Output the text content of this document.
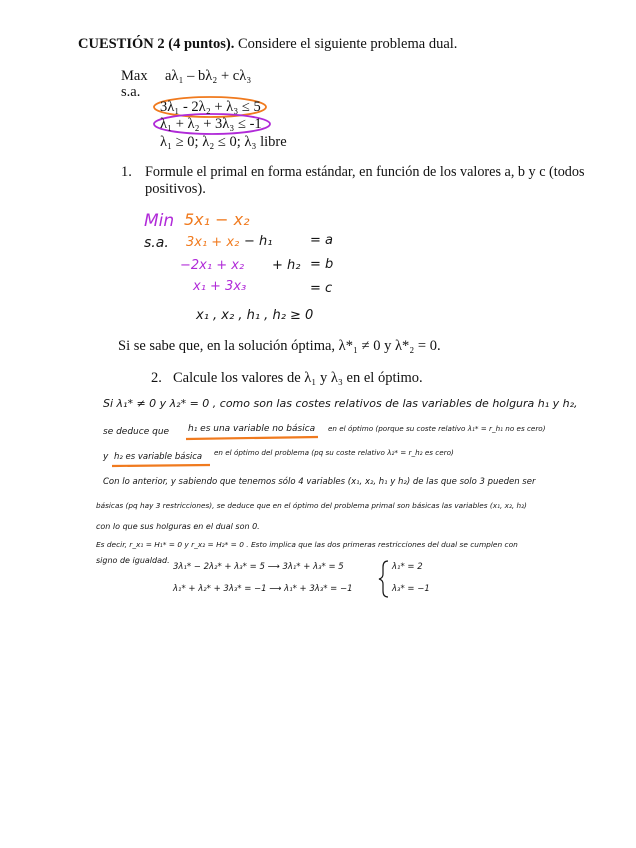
CUESTIÓN 2 (4 puntos). Considere el siguiente problema dual.
Max aλ₁ – bλ₂ + cλ₃
s.a.
3λ₁ - 2λ₂ + λ₃ ≤ 5
λ₁ + λ₂ + 3λ₃ ≤ -1
λ₁ ≥ 0; λ₂ ≤ 0; λ₃ libre
1. Formule el primal en forma estándar, en función de los valores a, b y c (todos
positivos).
Min 5x₁ − x₂
s.a. 3x₁ + x₂ − h₁	= a
−2x₁ + x₂ + h₂ = b
x₁ + 3x₃	= c
x₁ , x₂ , h₁ , h₂ ≥ 0
Si se sabe que, en la solución óptima, λ*₁ ≠ 0 y λ*₂ = 0.
2. Calcule los valores de λ₁ y λ₃ en el óptimo.
Si λ₁* ≠ 0 y λ₂* = 0 , como son las costes relativos de las variables de holgura h₁ y h₂,
se deduce que h₁ es una variable no básica en el óptimo (porque su coste relativo λ₁* = r_h₁ no es cero)
y h₂ es variable básica en el óptimo del problema (pq su coste relativo λ₂* = r_h₂ es cero)
Con lo anterior, y sabiendo que tenemos sólo 4 variables (x₁, x₂, h₁ y h₂) de las que solo 3 pueden ser
básicas (pq hay 3 restricciones), se deduce que en el óptimo del problema primal son básicas las variables (x₁, x₂, h₂)
con lo que sus holguras en el dual son 0.
Es decir, r_x₁ = H₁* = 0 y r_x₂ = H₂* = 0 . Esto implica que las dos primeras restricciones del dual se cumplen con
signo de igualdad.
3λ₁* − 2λ₂* + λ₃* = 5 ⟶ 3λ₁* + λ₃* = 5
λ₁* + λ₂* + 3λ₃* = −1 ⟶ λ₁* + 3λ₃* = −1
λ₁* = 2
λ₃* = −1
